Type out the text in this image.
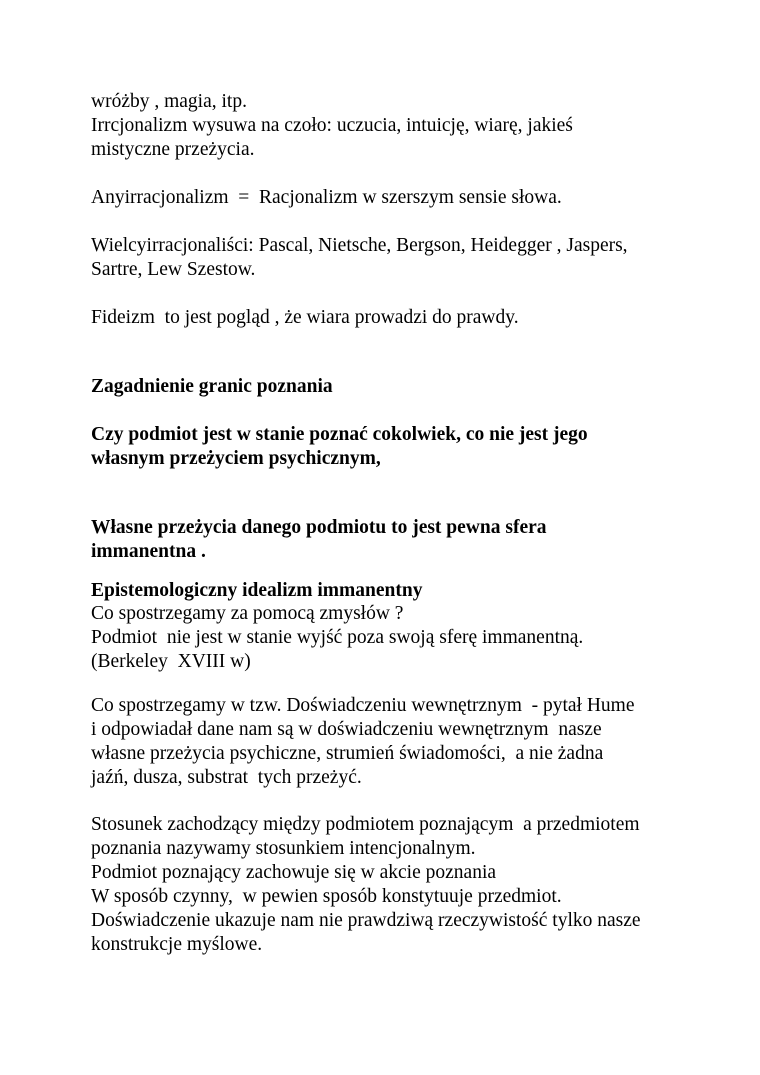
wróżby , magia, itp.
Irrcjonalizm wysuwa na czoło: uczucia, intuicję, wiarę, jakieś
mistyczne przeżycia.
Anyirracjonalizm  =  Racjonalizm w szerszym sensie słowa.
Wielcyirracjonaliści: Pascal, Nietsche, Bergson, Heidegger , Jaspers,
Sartre, Lew Szestow.
Fideizm  to jest pogląd , że wiara prowadzi do prawdy.
Zagadnienie granic poznania
Czy podmiot jest w stanie poznać cokolwiek, co nie jest jego
własnym przeżyciem psychicznym,
Własne przeżycia danego podmiotu to jest pewna sfera
immanentna .
Epistemologiczny idealizm immanentny
Co spostrzegamy za pomocą zmysłów ?
Podmiot  nie jest w stanie wyjść poza swoją sferę immanentną.
(Berkeley  XVIII w)
Co spostrzegamy w tzw. Doświadczeniu wewnętrznym  - pytał Hume
i odpowiadał dane nam są w doświadczeniu wewnętrznym  nasze
własne przeżycia psychiczne, strumień świadomości,  a nie żadna
jaźń, dusza, substrat  tych przeżyć.
Stosunek zachodzący między podmiotem poznającym  a przedmiotem
poznania nazywamy stosunkiem intencjonalnym.
Podmiot poznający zachowuje się w akcie poznania
W sposób czynny,  w pewien sposób konstytuuje przedmiot.
Doświadczenie ukazuje nam nie prawdziwą rzeczywistość tylko nasze
konstrukcje myślowe.
